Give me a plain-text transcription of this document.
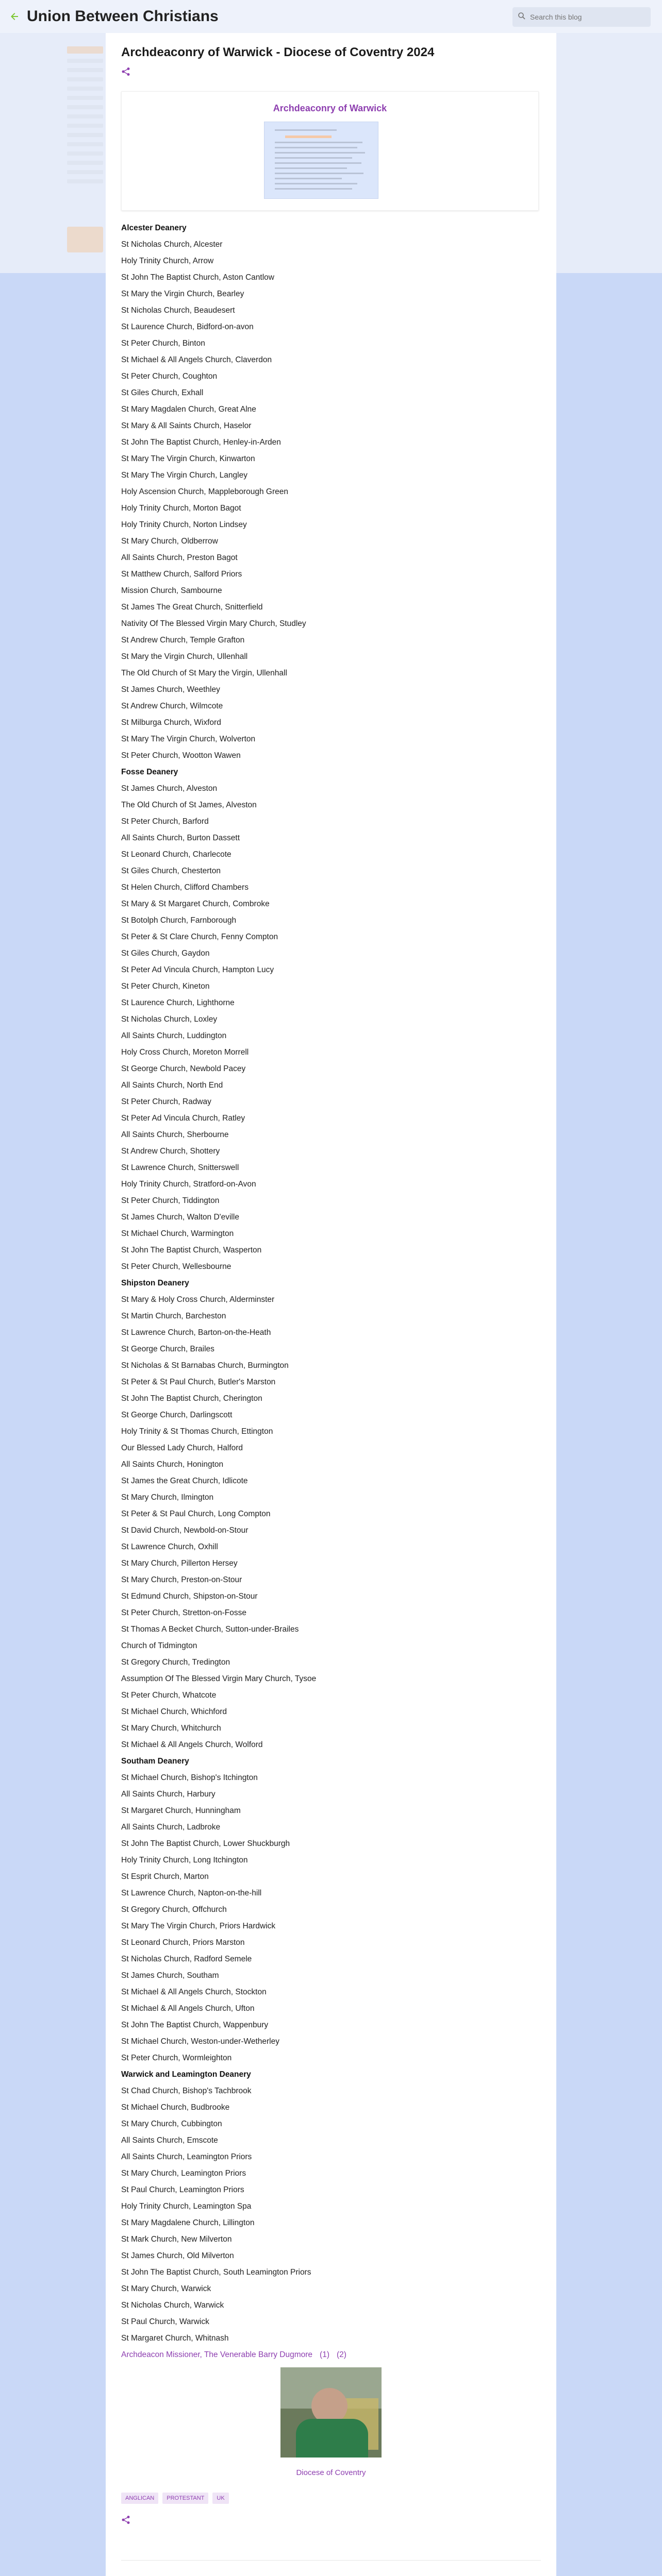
Union Between Christians
Search this blog
Archdeaconry of Warwick - Diocese of Coventry 2024
Archdeaconry of Warwick
Alcester Deanery
St Nicholas Church, Alcester
Holy Trinity Church, Arrow
St John The Baptist Church, Aston Cantlow
St Mary the Virgin Church, Bearley
St Nicholas Church, Beaudesert
St Laurence Church, Bidford-on-avon
St Peter Church, Binton
St Michael & All Angels Church, Claverdon
St Peter Church, Coughton
St Giles Church, Exhall
St Mary Magdalen Church, Great Alne
St Mary & All Saints Church, Haselor
St John The Baptist Church, Henley-in-Arden
St Mary The Virgin Church, Kinwarton
St Mary The Virgin Church, Langley
Holy Ascension Church, Mappleborough Green
Holy Trinity Church, Morton Bagot
Holy Trinity Church, Norton Lindsey
St Mary Church, Oldberrow
All Saints Church, Preston Bagot
St Matthew Church, Salford Priors
Mission Church, Sambourne
St James The Great Church, Snitterfield
Nativity Of The Blessed Virgin Mary Church, Studley
St Andrew Church, Temple Grafton
St Mary the Virgin Church, Ullenhall
The Old Church of St Mary the Virgin, Ullenhall
St James Church, Weethley
St Andrew Church, Wilmcote
St Milburga Church, Wixford
St Mary The Virgin Church, Wolverton
St Peter Church, Wootton Wawen
Fosse Deanery
St James Church, Alveston
The Old Church of St James, Alveston
St Peter Church, Barford
All Saints Church, Burton Dassett
St Leonard Church, Charlecote
St Giles Church, Chesterton
St Helen Church, Clifford Chambers
St Mary & St Margaret Church, Combroke
St Botolph Church, Farnborough
St Peter & St Clare Church, Fenny Compton
St Giles Church, Gaydon
St Peter Ad Vincula Church, Hampton Lucy
St Peter Church, Kineton
St Laurence Church, Lighthorne
St Nicholas Church, Loxley
All Saints Church, Luddington
Holy Cross Church, Moreton Morrell
St George Church, Newbold Pacey
All Saints Church, North End
St Peter Church, Radway
St Peter Ad Vincula Church, Ratley
All Saints Church, Sherbourne
St Andrew Church, Shottery
St Lawrence Church, Snitterswell
Holy Trinity Church, Stratford-on-Avon
St Peter Church, Tiddington
St James Church, Walton D'eville
St Michael Church, Warmington
St John The Baptist Church, Wasperton
St Peter Church, Wellesbourne
Shipston Deanery
St Mary & Holy Cross Church, Alderminster
St Martin Church, Barcheston
St Lawrence Church, Barton-on-the-Heath
St George Church, Brailes
St Nicholas & St Barnabas Church, Burmington
St Peter & St Paul Church, Butler's Marston
St John The Baptist Church, Cherington
St George Church, Darlingscott
Holy Trinity & St Thomas Church, Ettington
Our Blessed Lady Church, Halford
All Saints Church, Honington
St James the Great Church, Idlicote
St Mary Church, Ilmington
St Peter & St Paul Church, Long Compton
St David Church, Newbold-on-Stour
St Lawrence Church, Oxhill
St Mary Church, Pillerton Hersey
St Mary Church, Preston-on-Stour
St Edmund Church, Shipston-on-Stour
St Peter Church, Stretton-on-Fosse
St Thomas A Becket Church, Sutton-under-Brailes
Church of Tidmington
St Gregory Church, Tredington
Assumption Of The Blessed Virgin Mary Church, Tysoe
St Peter Church, Whatcote
St Michael Church, Whichford
St Mary Church, Whitchurch
St Michael & All Angels Church, Wolford
Southam Deanery
St Michael Church, Bishop's Itchington
All Saints Church, Harbury
St Margaret Church, Hunningham
All Saints Church, Ladbroke
St John The Baptist Church, Lower Shuckburgh
Holy Trinity Church, Long Itchington
St Esprit Church, Marton
St Lawrence Church, Napton-on-the-hill
St Gregory Church, Offchurch
St Mary The Virgin Church, Priors Hardwick
St Leonard Church, Priors Marston
St Nicholas Church, Radford Semele
St James Church, Southam
St Michael & All Angels Church, Stockton
St Michael & All Angels Church, Ufton
St John The Baptist Church, Wappenbury
St Michael Church, Weston-under-Wetherley
St Peter Church, Wormleighton
Warwick and Leamington Deanery
St Chad Church, Bishop's Tachbrook
St Michael Church, Budbrooke
St Mary Church, Cubbington
All Saints Church, Emscote
All Saints Church, Leamington Priors
St Mary Church, Leamington Priors
St Paul Church, Leamington Priors
Holy Trinity Church, Leamington Spa
St Mary Magdalene Church, Lillington
St Mark Church, New Milverton
St James Church, Old Milverton
St John The Baptist Church, South Leamington Priors
St Mary Church, Warwick
St Nicholas Church, Warwick
St Paul Church, Warwick
St Margaret Church, Whitnash
Archdeacon Missioner, The Venerable Barry Dugmore (1) (2)
Diocese of Coventry
ANGLICAN	PROTESTANT	UK
